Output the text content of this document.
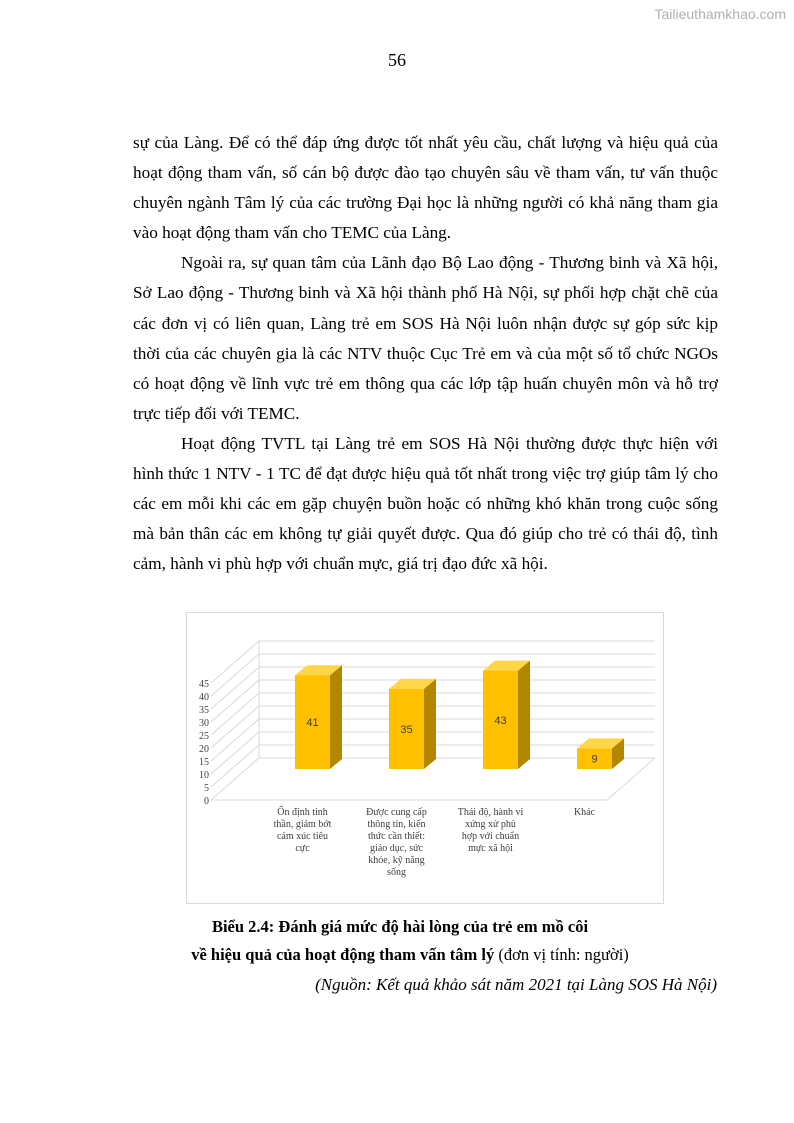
Tailieuthamkhao.com
56

sự của Làng. Để có thể đáp ứng được tốt nhất yêu cầu, chất lượng và hiệu quả của hoạt động tham vấn, số cán bộ được đào tạo chuyên sâu về tham vấn, tư vấn thuộc chuyên ngành Tâm lý của các trường Đại học là những người có khả năng tham gia vào hoạt động tham vấn cho TEMC của Làng.

Ngoài ra, sự quan tâm của Lãnh đạo Bộ Lao động - Thương binh và Xã hội, Sở Lao động - Thương binh và Xã hội thành phố Hà Nội, sự phối hợp chặt chẽ của các đơn vị có liên quan, Làng trẻ em SOS Hà Nội luôn nhận được sự góp sức kịp thời của các chuyên gia là các NTV thuộc Cục Trẻ em và của một số tổ chức NGOs có hoạt động về lĩnh vực trẻ em thông qua các lớp tập huấn chuyên môn và hỗ trợ trực tiếp đối với TEMC.

Hoạt động TVTL tại Làng trẻ em SOS Hà Nội thường được thực hiện với hình thức 1 NTV - 1 TC để đạt được hiệu quả tốt nhất trong việc trợ giúp tâm lý cho các em mỗi khi các em gặp chuyện buồn hoặc có những khó khăn trong cuộc sống mà bản thân các em không tự giải quyết được. Qua đó giúp cho trẻ có thái độ, tình cảm, hành vi phù hợp với chuẩn mực, giá trị đạo đức xã hội.

0
5
10
15
20
25
30
35
40
45
41
Ổn định tinh
thần, giảm bớt
cảm xúc tiêu
cực
35
Được cung cấp
thông tin, kiến
thức cần thiết:
giáo dục, sức
khỏe, kỹ năng
sống
43
Thái độ, hành vi
xứng xử phù
hợp với chuẩn
mực xã hội
9
Khác
Biểu 2.4: Đánh giá mức độ hài lòng của trẻ em mồ côi
về hiệu quả của hoạt động tham vấn tâm lý (đơn vị tính: người)
(Nguồn: Kết quả khảo sát năm 2021 tại Làng SOS Hà Nội)
